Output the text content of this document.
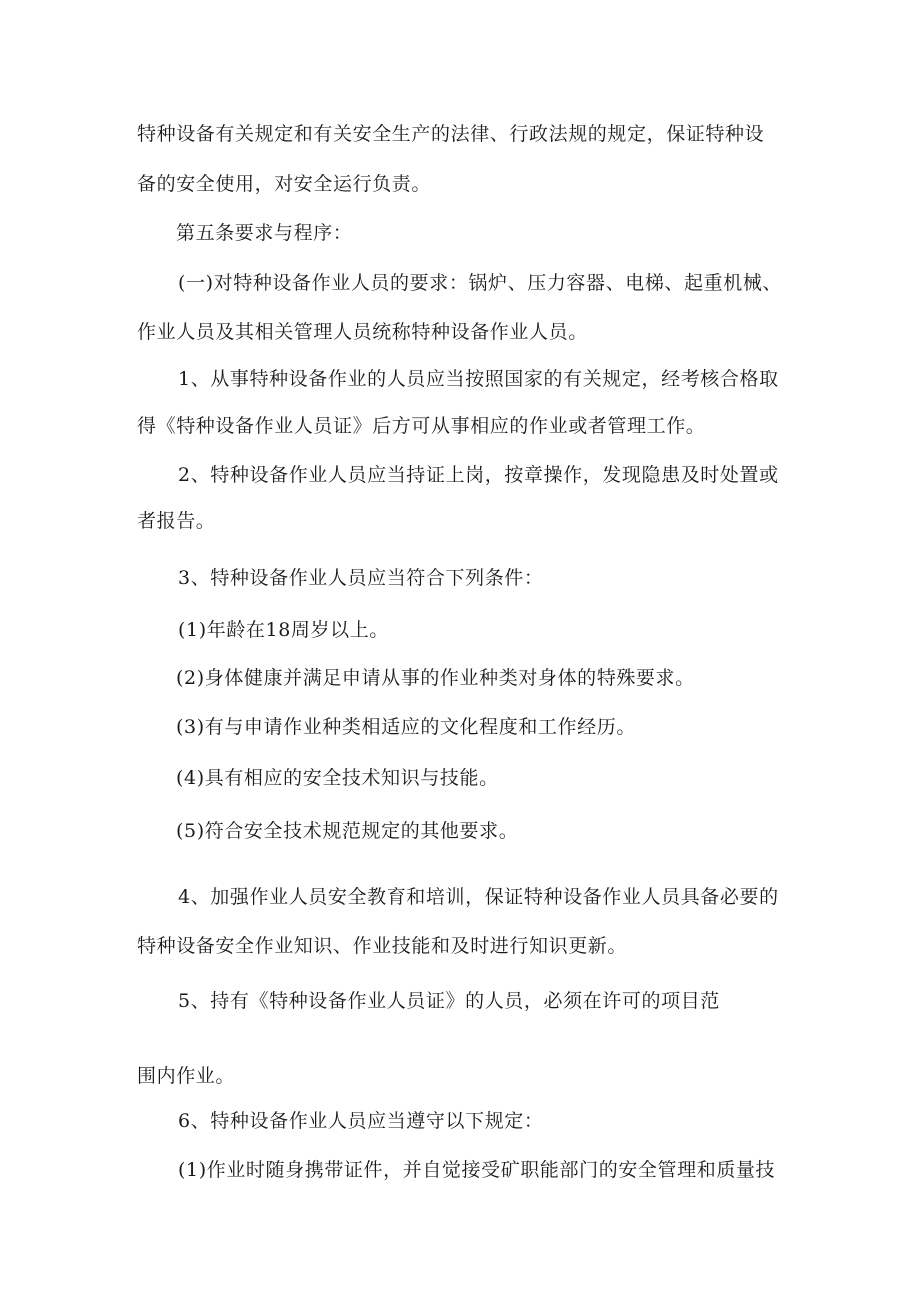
特种设备有关规定和有关安全生产的法律、行政法规的规定，保证特种设
备的安全使用，对安全运行负责。
第五条要求与程序：
(一)对特种设备作业人员的要求：锅炉、压力容器、电梯、起重机械、
作业人员及其相关管理人员统称特种设备作业人员。
1、从事特种设备作业的人员应当按照国家的有关规定，经考核合格取
得《特种设备作业人员证》后方可从事相应的作业或者管理工作。
2、特种设备作业人员应当持证上岗，按章操作，发现隐患及时处置或
者报告。
3、特种设备作业人员应当符合下列条件：
(1)年龄在18周岁以上。
(2)身体健康并满足申请从事的作业种类对身体的特殊要求。
(3)有与申请作业种类相适应的文化程度和工作经历。
(4)具有相应的安全技术知识与技能。
(5)符合安全技术规范规定的其他要求。
4、加强作业人员安全教育和培训，保证特种设备作业人员具备必要的
特种设备安全作业知识、作业技能和及时进行知识更新。
5、持有《特种设备作业人员证》的人员，必须在许可的项目范
围内作业。
6、特种设备作业人员应当遵守以下规定：
(1)作业时随身携带证件，并自觉接受矿职能部门的安全管理和质量技
